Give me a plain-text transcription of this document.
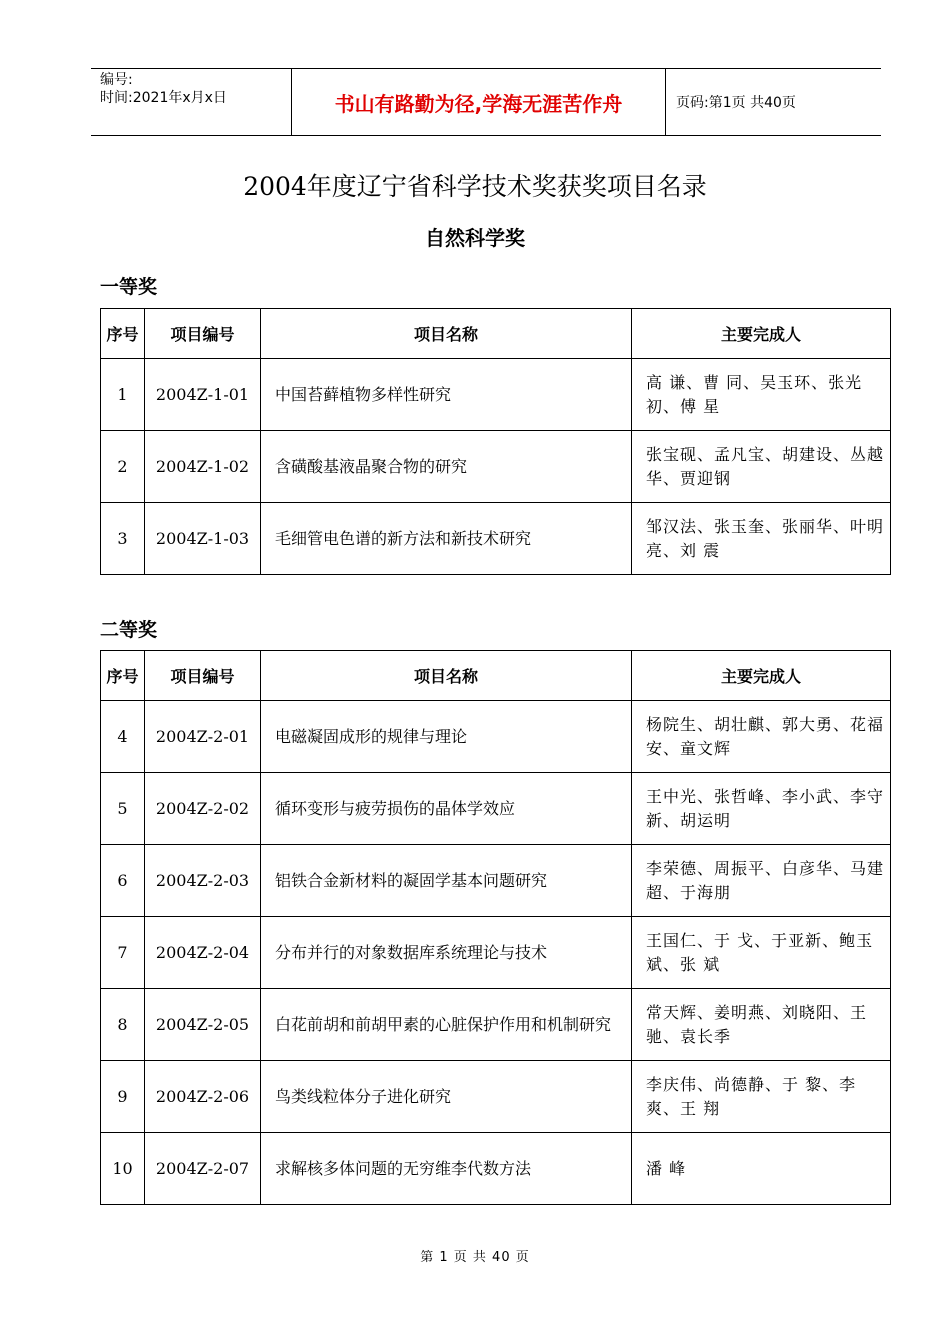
编号:
时间:2021年x月x日	书山有路勤为径,学海无涯苦作舟	页码:第1页 共40页
2004年度辽宁省科学技术奖获奖项目名录
自然科学奖
一等奖
序号	项目编号	项目名称	主要完成人
1	2004Z-1-01	中国苔藓植物多样性研究	高 谦、曹 同、吴玉环、张光初、傅 星
2	2004Z-1-02	含磺酸基液晶聚合物的研究	张宝砚、孟凡宝、胡建设、丛越华、贾迎钢
3	2004Z-1-03	毛细管电色谱的新方法和新技术研究	邹汉法、张玉奎、张丽华、叶明亮、刘 震
二等奖
序号	项目编号	项目名称	主要完成人
4	2004Z-2-01	电磁凝固成形的规律与理论	杨院生、胡壮麒、郭大勇、花福安、童文辉
5	2004Z-2-02	循环变形与疲劳损伤的晶体学效应	王中光、张哲峰、李小武、李守新、胡运明
6	2004Z-2-03	铝铁合金新材料的凝固学基本问题研究	李荣德、周振平、白彦华、马建超、于海朋
7	2004Z-2-04	分布并行的对象数据库系统理论与技术	王国仁、于 戈、于亚新、鲍玉斌、张 斌
8	2004Z-2-05	白花前胡和前胡甲素的心脏保护作用和机制研究	常天辉、姜明燕、刘晓阳、王 驰、袁长季
9	2004Z-2-06	鸟类线粒体分子进化研究	李庆伟、尚德静、于 黎、李 爽、王 翔
10	2004Z-2-07	求解核多体问题的无穷维李代数方法	潘 峰
第 1 页 共 40 页
